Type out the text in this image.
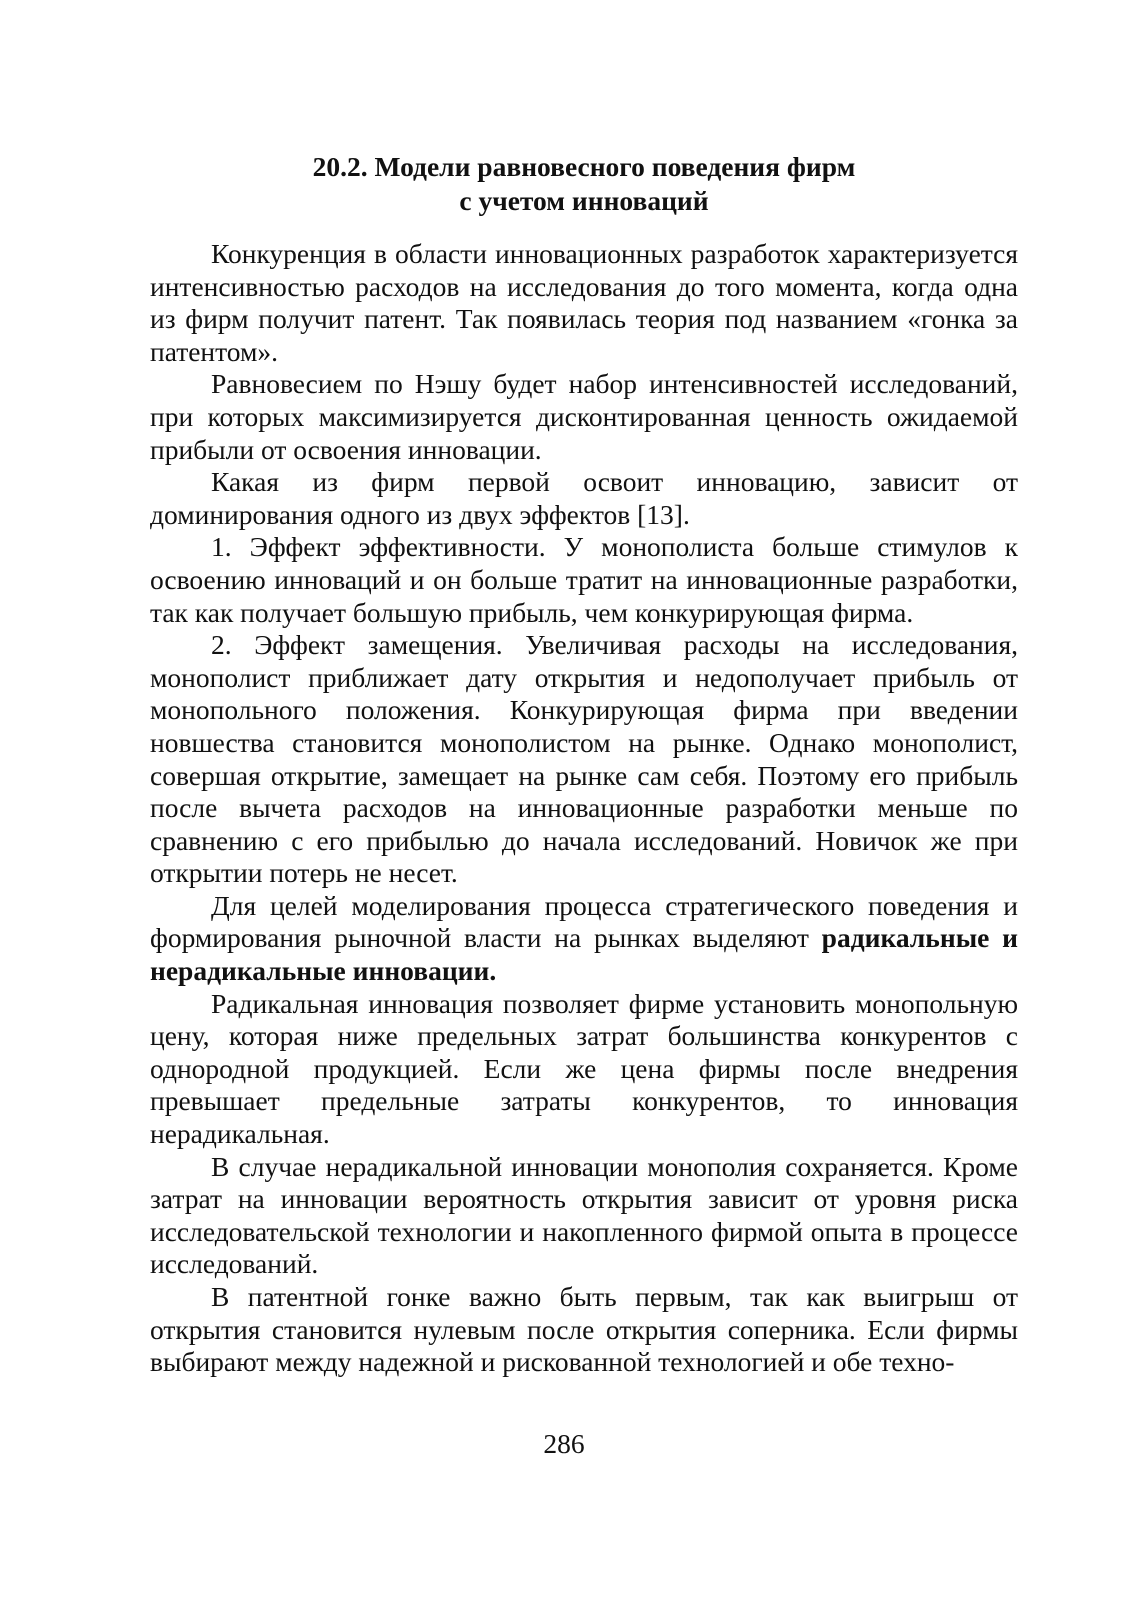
20.2. Модели равновесного поведения фирм
с учетом инноваций

Конкуренция в области инновационных разработок характеризуется интенсивностью расходов на исследования до того момента, когда одна из фирм получит патент. Так появилась теория под названием «гонка за патентом».

Равновесием по Нэшу будет набор интенсивностей исследований, при которых максимизируется дисконтированная ценность ожидаемой прибыли от освоения инновации.

Какая из фирм первой освоит инновацию, зависит от доминирования одного из двух эффектов [13].

1. Эффект эффективности. У монополиста больше стимулов к освоению инноваций и он больше тратит на инновационные разработки, так как получает большую прибыль, чем конкурирующая фирма.

2. Эффект замещения. Увеличивая расходы на исследования, монополист приближает дату открытия и недополучает прибыль от монопольного положения. Конкурирующая фирма при введении новшества становится монополистом на рынке. Однако монополист, совершая открытие, замещает на рынке сам себя. Поэтому его прибыль после вычета расходов на инновационные разработки меньше по сравнению с его прибылью до начала исследований. Новичок же при открытии потерь не несет.

Для целей моделирования процесса стратегического поведения и формирования рыночной власти на рынках выделяют радикальные и нерадикальные инновации.

Радикальная инновация позволяет фирме установить монопольную цену, которая ниже предельных затрат большинства конкурентов с однородной продукцией. Если же цена фирмы после внедрения превышает предельные затраты конкурентов, то инновация нерадикальная.

В случае нерадикальной инновации монополия сохраняется. Кроме затрат на инновации вероятность открытия зависит от уровня риска исследовательской технологии и накопленного фирмой опыта в процессе исследований.

В патентной гонке важно быть первым, так как выигрыш от открытия становится нулевым после открытия соперника. Если фирмы выбирают между надежной и рискованной технологией и обе техно-

286
